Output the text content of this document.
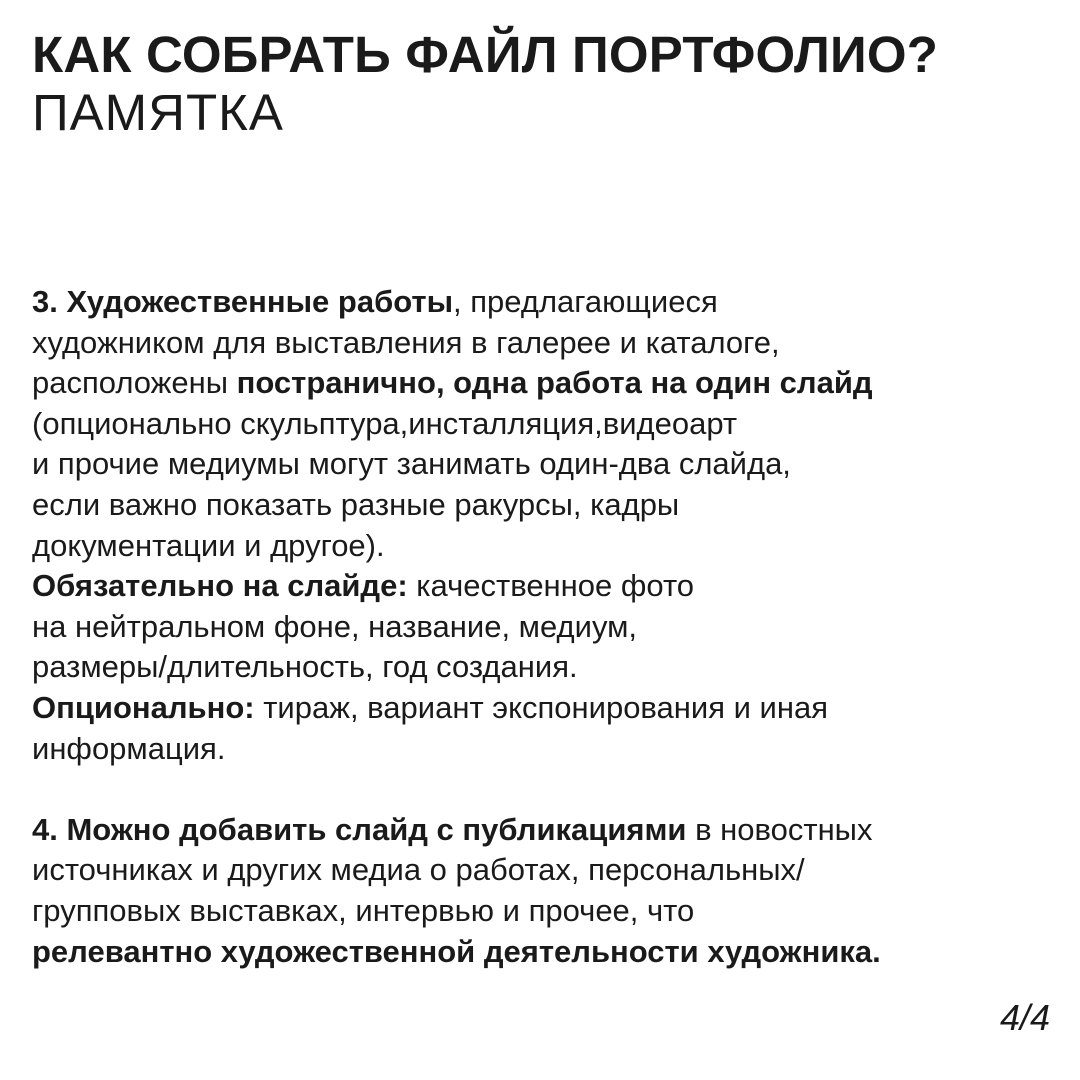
КАК СОБРАТЬ ФАЙЛ ПОРТФОЛИО?
ПАМЯТКА
3. Художественные работы, предлагающиеся
художником для выставления в галерее и каталоге,
расположены постранично, одна работа на один слайд
(опционально скульптура,инсталляция,видеоарт
и прочие медиумы могут занимать один-два слайда,
если важно показать разные ракурсы, кадры
документации и другое).
Обязательно на слайде: качественное фото
на нейтральном фоне, название, медиум,
размеры/длительность, год создания.
Опционально: тираж, вариант экспонирования и иная
информация.
4. Можно добавить слайд с публикациями в новостных
источниках и других медиа о работах, персональных/
групповых выставках, интервью и прочее, что
релевантно художественной деятельности художника.
4/4
